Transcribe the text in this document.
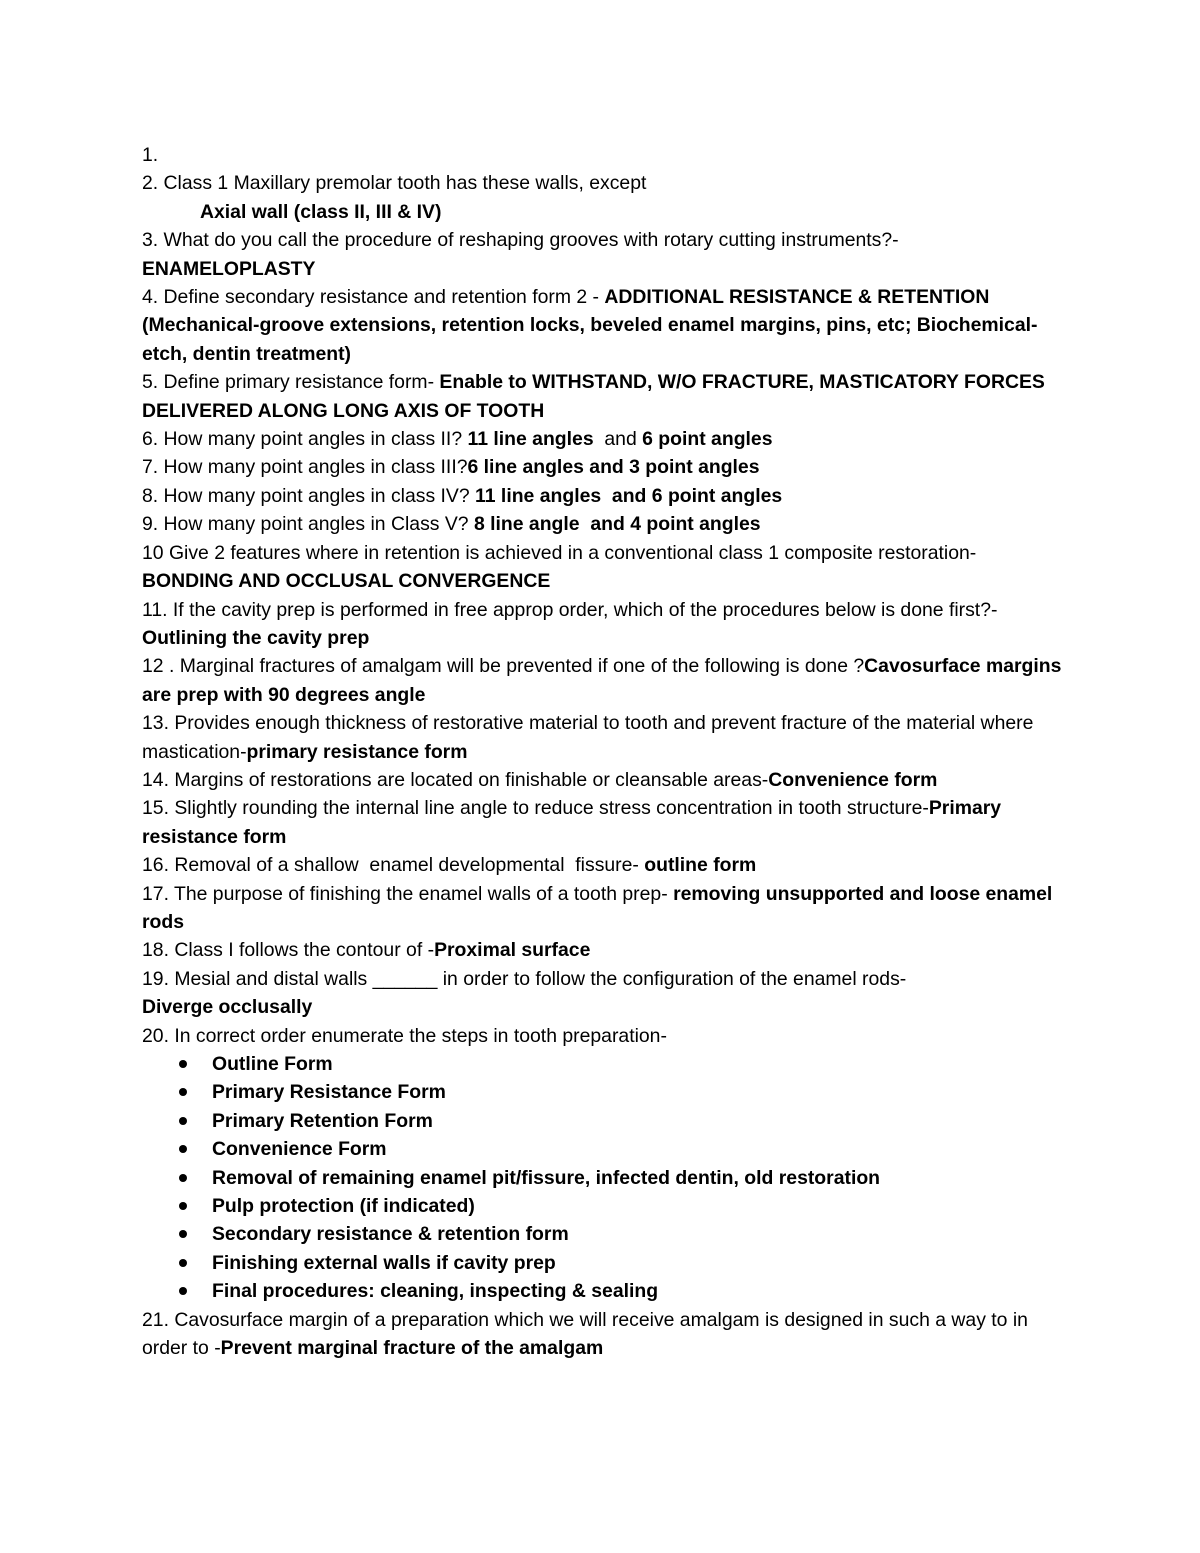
1.
2. Class 1 Maxillary premolar tooth has these walls, except
Axial wall (class II, III & IV)
3. What do you call the procedure of reshaping grooves with rotary cutting instruments?-
ENAMELOPLASTY
4. Define secondary resistance and retention form 2 - ADDITIONAL RESISTANCE & RETENTION (Mechanical-groove extensions, retention locks, beveled enamel margins, pins, etc; Biochemical-etch, dentin treatment)
5. Define primary resistance form- Enable to WITHSTAND, W/O FRACTURE, MASTICATORY FORCES DELIVERED ALONG LONG AXIS OF TOOTH
6. How many point angles in class II? 11 line angles  and 6 point angles
7. How many point angles in class III?6 line angles and 3 point angles
8. How many point angles in class IV? 11 line angles  and 6 point angles
9. How many point angles in Class V? 8 line angle  and 4 point angles
10 Give 2 features where in retention is achieved in a conventional class 1 composite restoration- BONDING AND OCCLUSAL CONVERGENCE
11. If the cavity prep is performed in free approp order, which of the procedures below is done first?- Outlining the cavity prep
12 . Marginal fractures of amalgam will be prevented if one of the following is done ?Cavosurface margins are prep with 90 degrees angle
13. Provides enough thickness of restorative material to tooth and prevent fracture of the material where mastication-primary resistance form
14. Margins of restorations are located on finishable or cleansable areas-Convenience form
15. Slightly rounding the internal line angle to reduce stress concentration in tooth structure-Primary resistance form
16. Removal of a shallow  enamel developmental  fissure- outline form
17. The purpose of finishing the enamel walls of a tooth prep- removing unsupported and loose enamel rods
18. Class I follows the contour of -Proximal surface
19. Mesial and distal walls ______ in order to follow the configuration of the enamel rods-
Diverge occlusally
20. In correct order enumerate the steps in tooth preparation-
Outline Form
Primary Resistance Form
Primary Retention Form
Convenience Form
Removal of remaining enamel pit/fissure, infected dentin, old restoration
Pulp protection (if indicated)
Secondary resistance & retention form
Finishing external walls if cavity prep
Final procedures: cleaning, inspecting & sealing
21. Cavosurface margin of a preparation which we will receive amalgam is designed in such a way to in order to -Prevent marginal fracture of the amalgam
